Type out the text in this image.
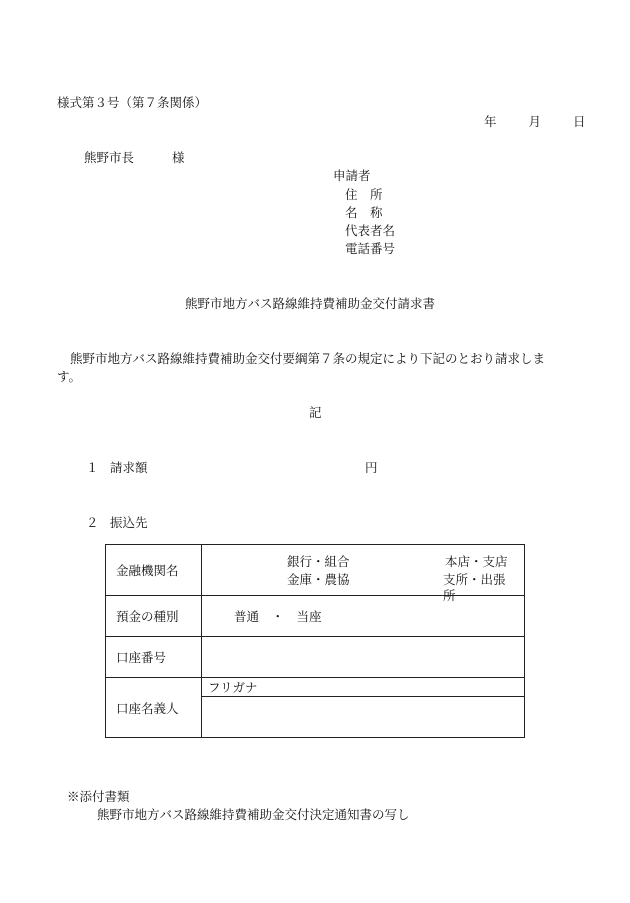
様式第３号（第７条関係）
年	月	日
熊野市長	様
申請者
住　所
名　称
代表者名
電話番号
熊野市地方バス路線維持費補助金交付請求書
熊野市地方バス路線維持費補助金交付要綱第７条の規定により下記のとおり請求しま
す。
記
１ 請求額	円
２ 振込先
金融機関名	銀行・組合
金庫・農協
本店・支店
支所・出張所

預金の種別	普通　・　当座
口座番号	
口座名義人	フリガナ

※添付書類
熊野市地方バス路線維持費補助金交付決定通知書の写し
